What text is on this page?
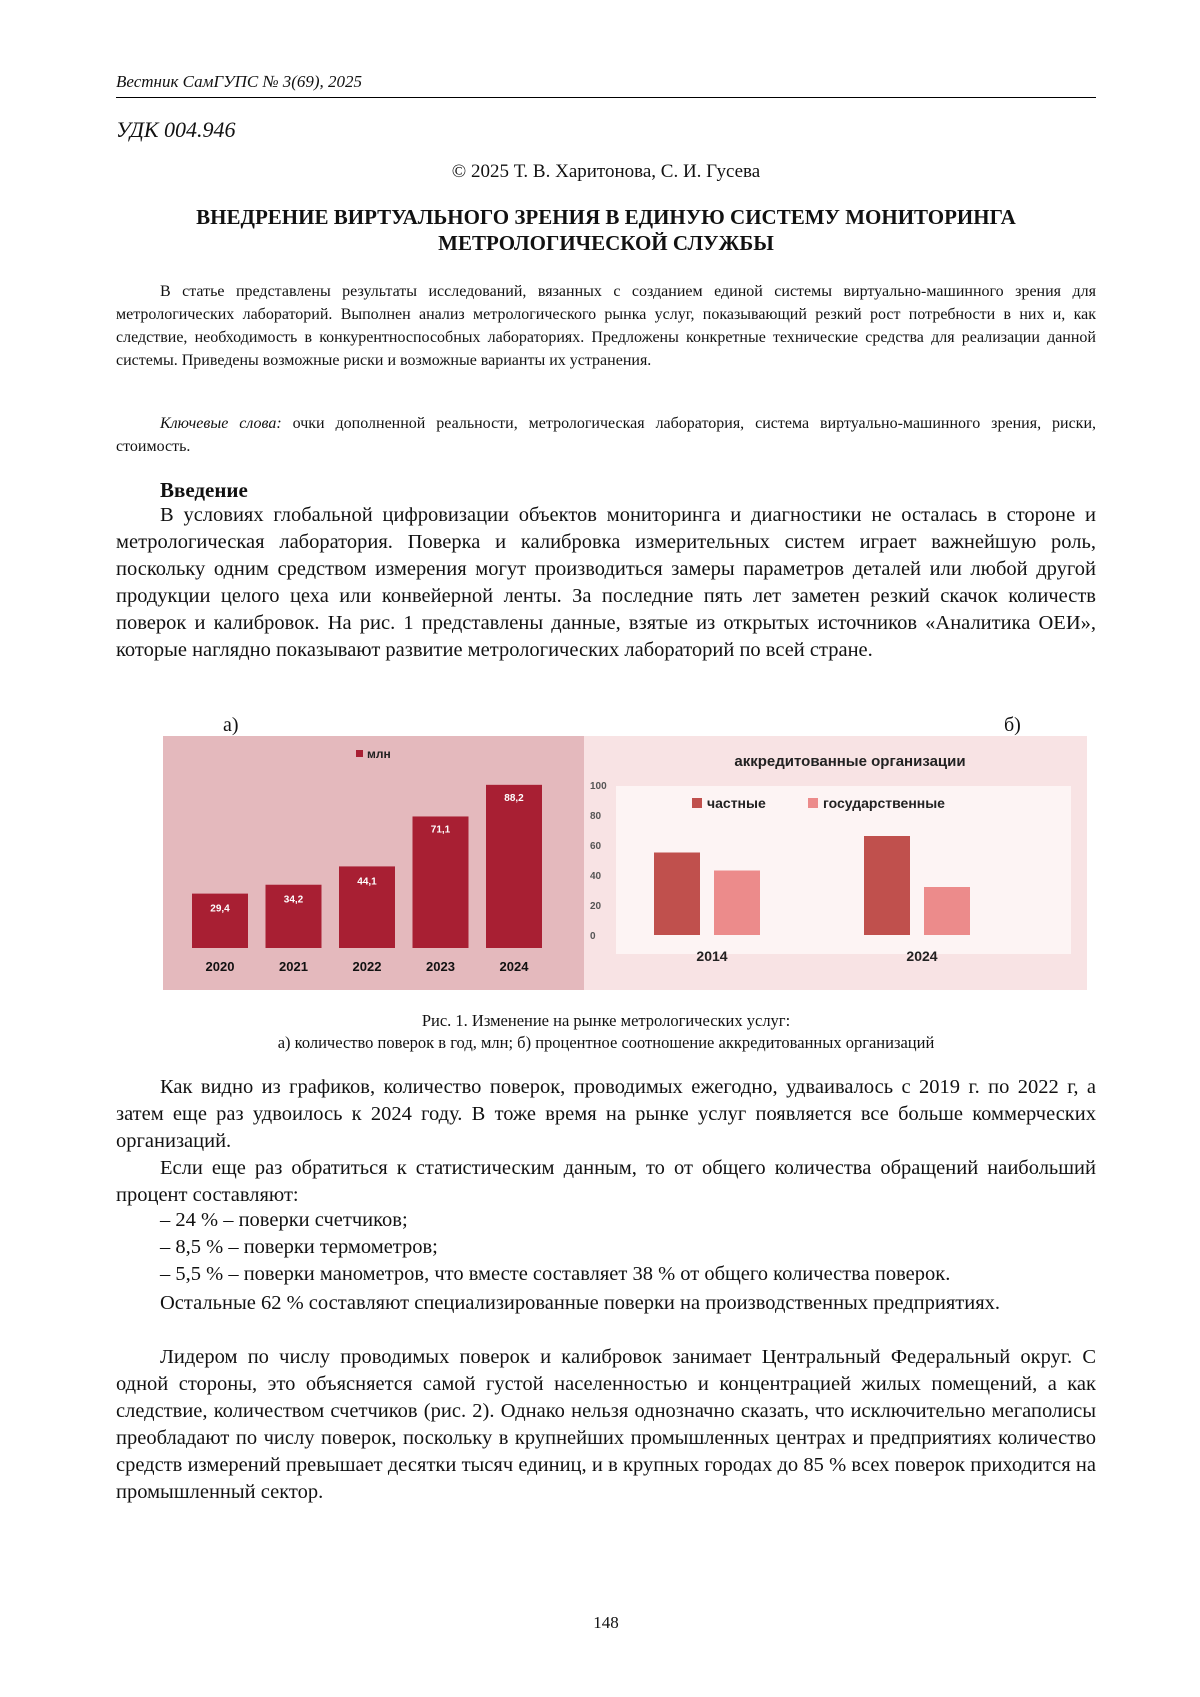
Вестник СамГУПС № 3(69), 2025
УДК 004.946
© 2025 Т. В. Харитонова, С. И. Гусева
ВНЕДРЕНИЕ ВИРТУАЛЬНОГО ЗРЕНИЯ В ЕДИНУЮ СИСТЕМУ МОНИТОРИНГА
МЕТРОЛОГИЧЕСКОЙ СЛУЖБЫ

В статье представлены результаты исследований, вязанных с созданием единой системы виртуально-машинного зрения для метрологических лабораторий. Выполнен анализ метрологического рынка услуг, показывающий резкий рост потребности в них и, как следствие, необходимость в конкурентноспособных лабораториях. Предложены конкретные технические средства для реализации данной системы. Приведены возможные риски и возможные варианты их устранения.

Ключевые слова: очки дополненной реальности, метрологическая лаборатория, система виртуально-машинного зрения, риски, стоимость.

Введение

В условиях глобальной цифровизации объектов мониторинга и диагностики не осталась в стороне и метрологическая лаборатория. Поверка и калибровка измерительных систем играет важнейшую роль, поскольку одним средством измерения могут производиться замеры параметров деталей или любой другой продукции целого цеха или конвейерной ленты. За последние пять лет заметен резкий скачок количеств поверок и калибровок. На рис. 1 представлены данные, взятые из открытых источников «Аналитика ОЕИ», которые наглядно показывают развитие метрологических лабораторий по всей стране.

а)	б)
млн
29,4
2020
34,2
2021
44,1
2022
71,1
2023
88,2
2024
аккредитованные организации
частные	государственные
0
20
40
60
80
100
2014	2024
Рис. 1. Изменение на рынке метрологических услуг:
а) количество поверок в год, млн; б) процентное соотношение аккредитованных организаций

Как видно из графиков, количество поверок, проводимых ежегодно, удваивалось с 2019 г. по 2022 г, а затем еще раз удвоилось к 2024 году. В тоже время на рынке услуг появляется все больше коммерческих организаций.

Если еще раз обратиться к статистическим данным, то от общего количества обращений наибольший процент составляют:

– 24 % – поверки счетчиков;
– 8,5 % – поверки термометров;
– 5,5 % – поверки манометров, что вместе составляет 38 % от общего количества поверок.

Остальные 62 % составляют специализированные поверки на производственных предприятиях.

Лидером по числу проводимых поверок и калибровок занимает Центральный Федеральный округ. С одной стороны, это объясняется самой густой населенностью и концентрацией жилых помещений, а как следствие, количеством счетчиков (рис. 2). Однако нельзя однозначно сказать, что исключительно мегаполисы преобладают по числу поверок, поскольку в крупнейших промышленных центрах и предприятиях количество средств измерений превышает десятки тысяч единиц, и в крупных городах до 85 % всех поверок приходится на промышленный сектор.

148
